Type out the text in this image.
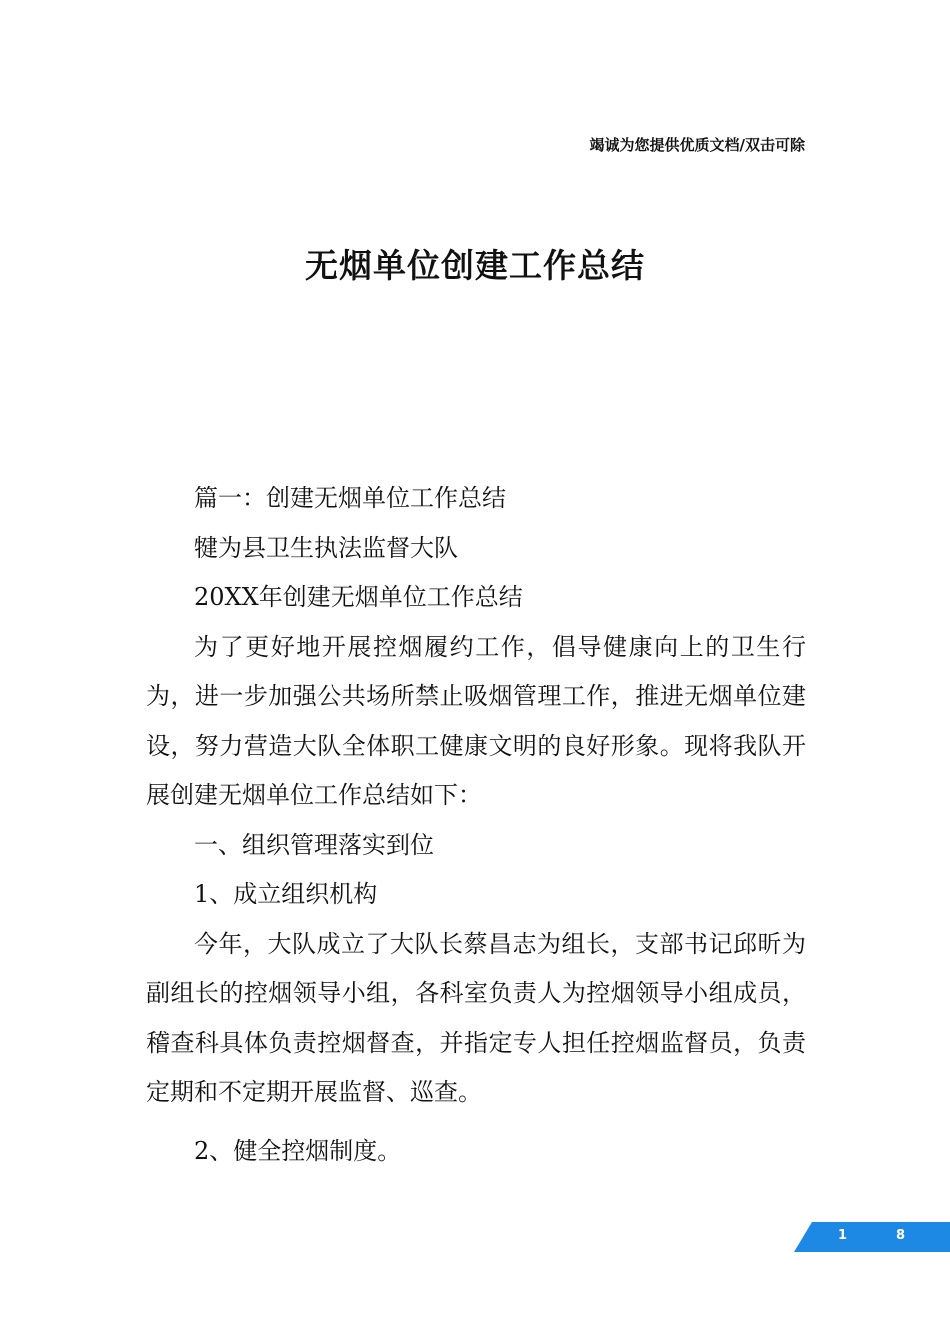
竭诚为您提供优质文档/双击可除
无烟单位创建工作总结

篇一：创建无烟单位工作总结

犍为县卫生执法监督大队

20XX年创建无烟单位工作总结

为了更好地开展控烟履约工作，倡导健康向上的卫生行为，进一步加强公共场所禁止吸烟管理工作，推进无烟单位建设，努力营造大队全体职工健康文明的良好形象。现将我队开展创建无烟单位工作总结如下：

一、组织管理落实到位

1、成立组织机构

今年，大队成立了大队长蔡昌志为组长，支部书记邱昕为副组长的控烟领导小组，各科室负责人为控烟领导小组成员，稽查科具体负责控烟督查，并指定专人担任控烟监督员，负责定期和不定期开展监督、巡查。

2、健全控烟制度。

1	8
